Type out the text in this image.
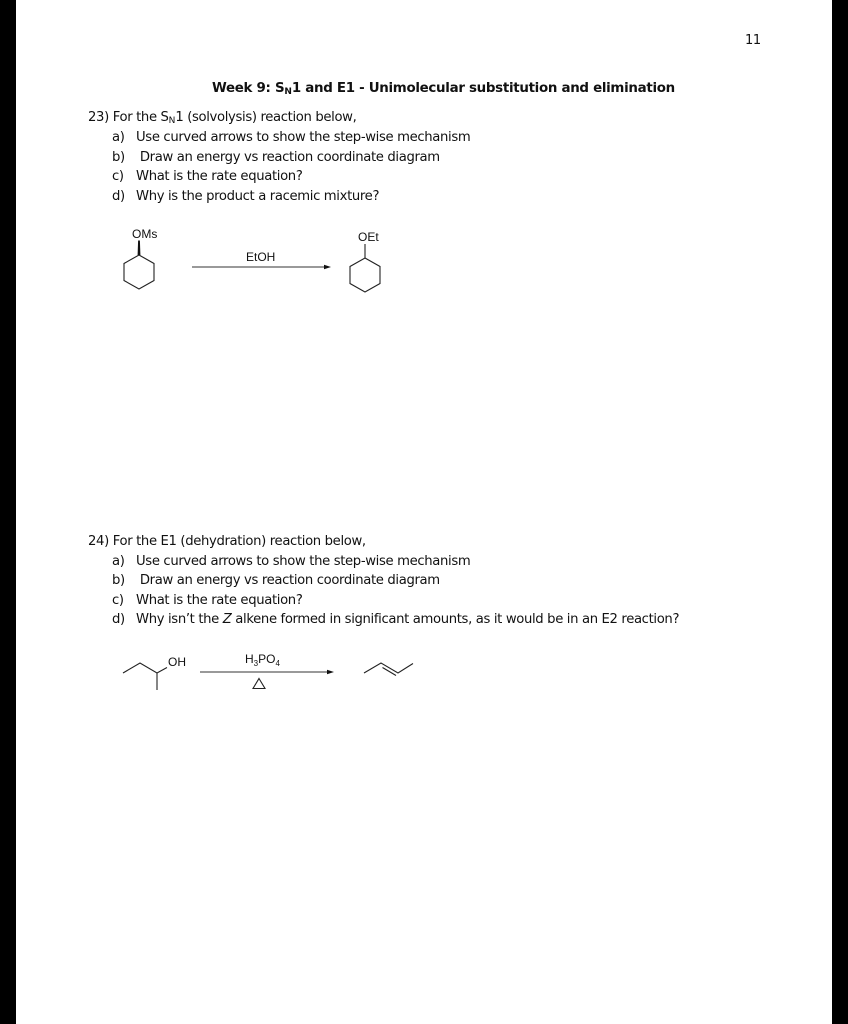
11
Week 9: $S_N1$ and E1 - Unimolecular substitution and elimination
23) For the $S_N1$ (solvolysis) reaction below,
a) Use curved arrows to show the step-wise mechanism
b) Draw an energy vs reaction coordinate diagram
c) What is the rate equation?
d) Why is the product a racemic mixture?
OMs
EtOH
OEt
24) For the E1 (dehydration) reaction below,
a) Use curved arrows to show the step-wise mechanism
b) Draw an energy vs reaction coordinate diagram
c) What is the rate equation?
d) Why isn’t the Z alkene formed in significant amounts, as it would be in an E2 reaction?
OH	$H_3PO_4$
